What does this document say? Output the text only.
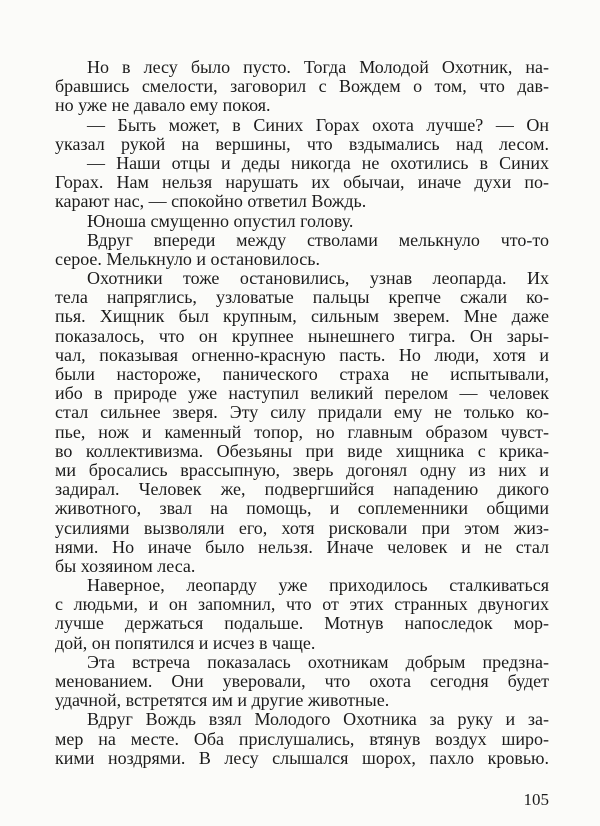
Но в лесу было пусто. Тогда Молодой Охотник, на-
бравшись смелости, заговорил с Вождем о том, что дав-
но уже не давало ему покоя.
— Быть может, в Синих Горах охота лучше? — Он
указал рукой на вершины, что вздымались над лесом.
— Наши отцы и деды никогда не охотились в Синих
Горах. Нам нельзя нарушать их обычаи, иначе духи по-
карают нас, — спокойно ответил Вождь.
Юноша смущенно опустил голову.
Вдруг впереди между стволами мелькнуло что-то
серое. Мелькнуло и остановилось.
Охотники тоже остановились, узнав леопарда. Их
тела напряглись, узловатые пальцы крепче сжали ко-
пья. Хищник был крупным, сильным зверем. Мне даже
показалось, что он крупнее нынешнего тигра. Он зары-
чал, показывая огненно-красную пасть. Но люди, хотя и
были настороже, панического страха не испытывали,
ибо в природе уже наступил великий перелом — человек
стал сильнее зверя. Эту силу придали ему не только ко-
пье, нож и каменный топор, но главным образом чувст-
во коллективизма. Обезьяны при виде хищника с крика-
ми бросались врассыпную, зверь догонял одну из них и
задирал. Человек же, подвергшийся нападению дикого
животного, звал на помощь, и соплеменники общими
усилиями вызволяли его, хотя рисковали при этом жиз-
нями. Но иначе было нельзя. Иначе человек и не стал
бы хозяином леса.
Наверное, леопарду уже приходилось сталкиваться
с людьми, и он запомнил, что от этих странных двуногих
лучше держаться подальше. Мотнув напоследок мор-
дой, он попятился и исчез в чаще.
Эта встреча показалась охотникам добрым предзна-
менованием. Они уверовали, что охота сегодня будет
удачной, встретятся им и другие животные.
Вдруг Вождь взял Молодого Охотника за руку и за-
мер на месте. Оба прислушались, втянув воздух широ-
кими ноздрями. В лесу слышался шорох, пахло кровью.
105
